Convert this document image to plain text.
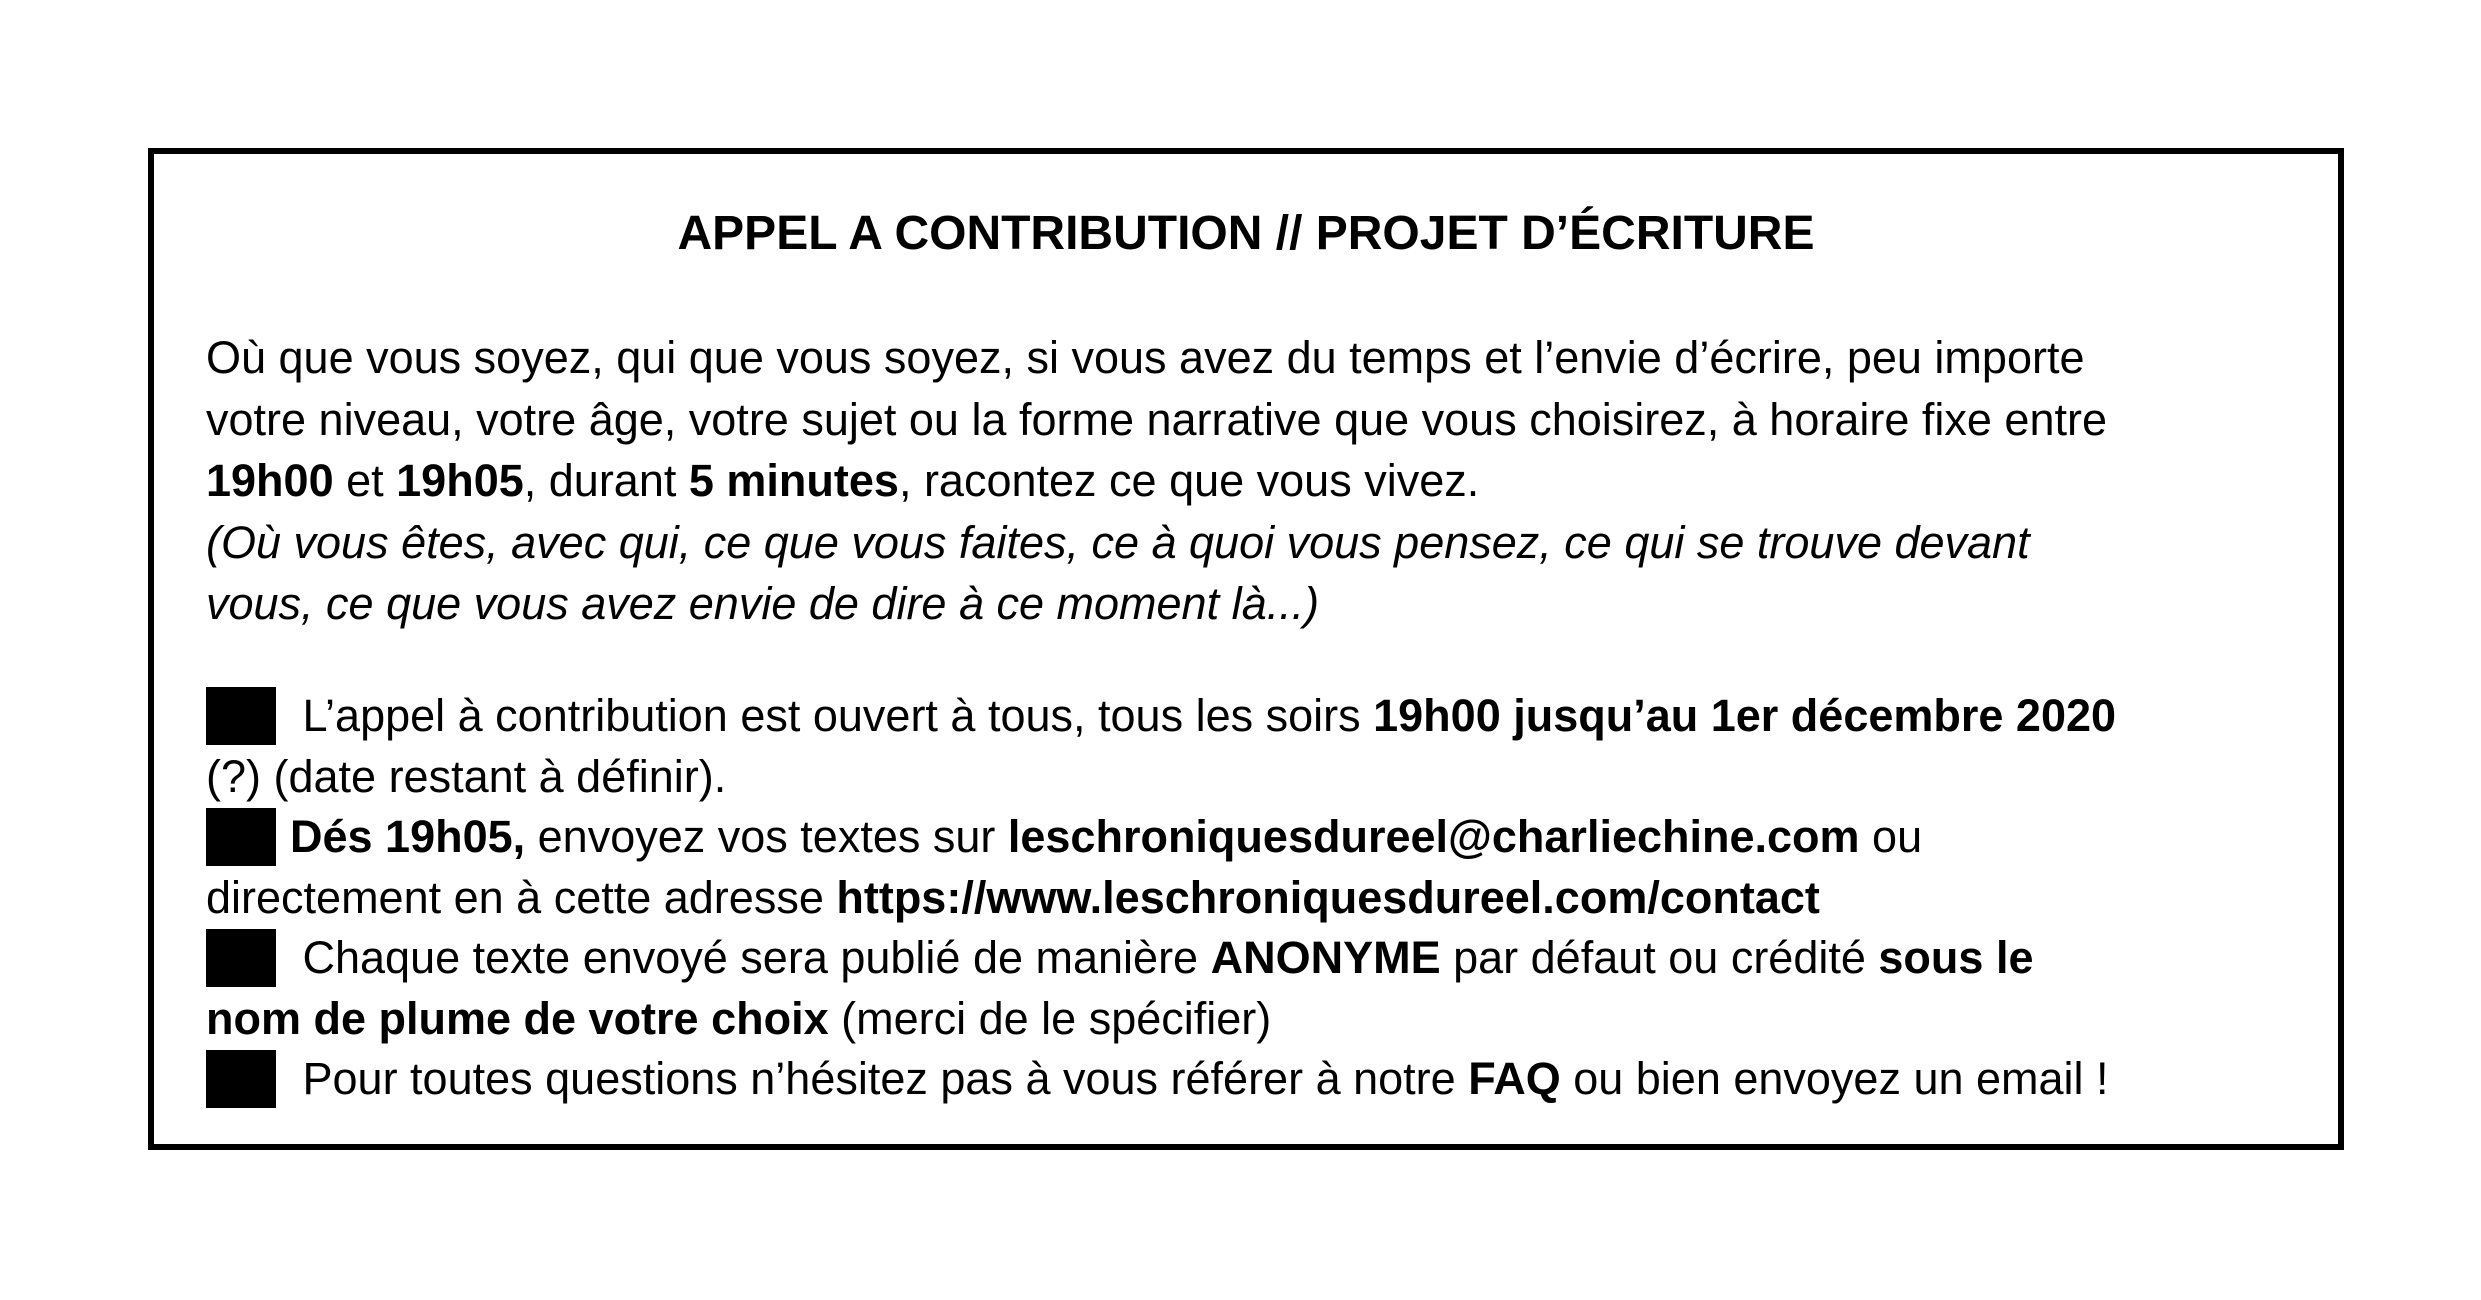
APPEL A CONTRIBUTION // PROJET D’ÉCRITURE
Où que vous soyez, qui que vous soyez, si vous avez du temps et l’envie d’écrire, peu importe
votre niveau, votre âge, votre sujet ou la forme narrative que vous choisirez, à horaire fixe entre
19h00 et 19h05, durant 5 minutes, racontez ce que vous vivez.
(Où vous êtes, avec qui, ce que vous faites, ce à quoi vous pensez, ce qui se trouve devant
vous, ce que vous avez envie de dire à ce moment là...)
L’appel à contribution est ouvert à tous, tous les soirs 19h00 jusqu’au 1er décembre 2020
(?) (date restant à définir).
Dés 19h05, envoyez vos textes sur leschroniquesdureel@charliechine.com ou
directement en à cette adresse https://www.leschroniquesdureel.com/contact
Chaque texte envoyé sera publié de manière ANONYME par défaut ou crédité sous le
nom de plume de votre choix (merci de le spécifier)
Pour toutes questions n’hésitez pas à vous référer à notre FAQ ou bien envoyez un email !
